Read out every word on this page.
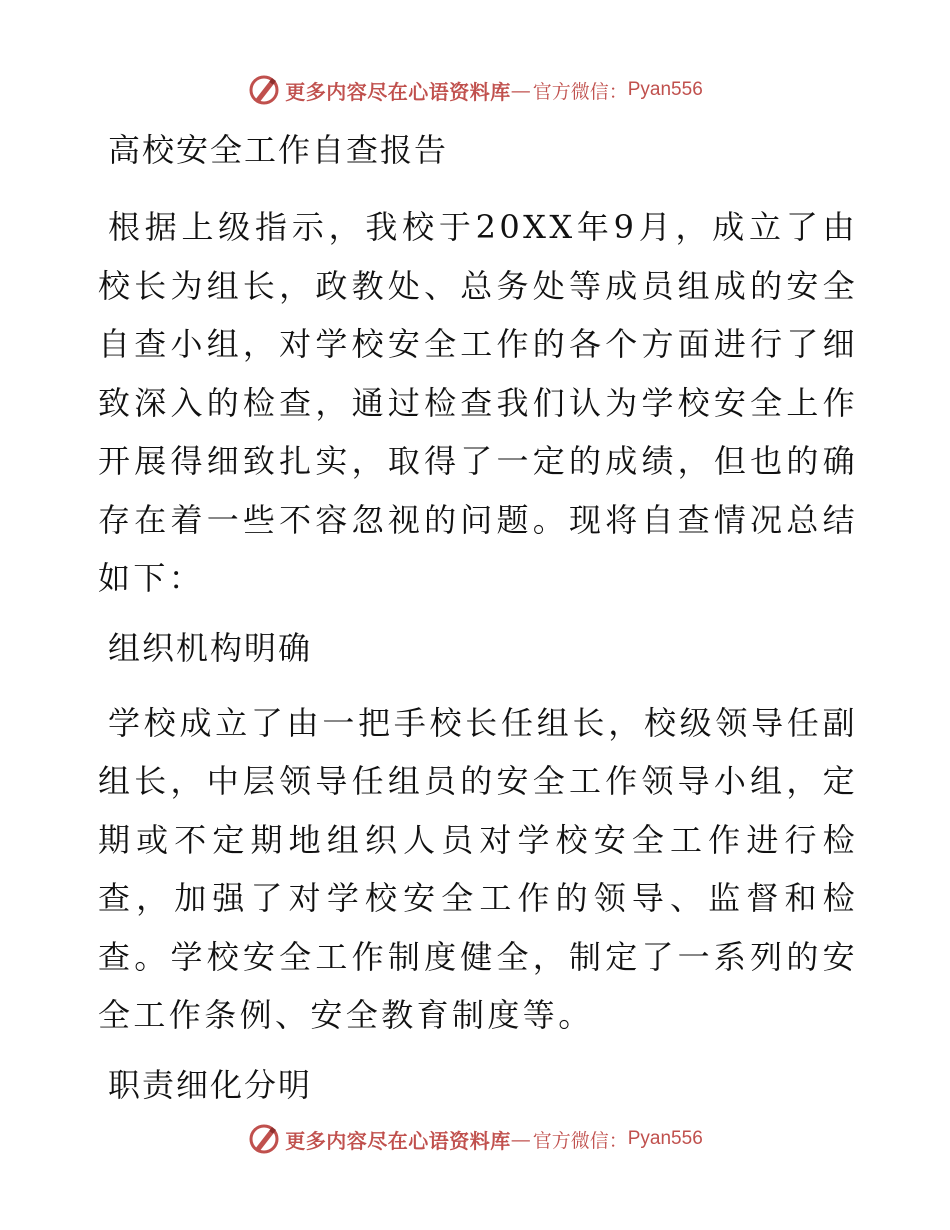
更多内容尽在心语资料库 — 官方微信： Pyan556
高校安全工作自查报告

根据上级指示，我校于20XX年9月，成立了由校长为组长，政教处、总务处等成员组成的安全自查小组，对学校安全工作的各个方面进行了细致深入的检查，通过检查我们认为学校安全上作开展得细致扎实，取得了一定的成绩，但也的确存在着一些不容忽视的问题。现将自查情况总结如下：

组织机构明确

学校成立了由一把手校长任组长，校级领导任副组长，中层领导任组员的安全工作领导小组，定期或不定期地组织人员对学校安全工作进行检查，加强了对学校安全工作的领导、监督和检查。学校安全工作制度健全，制定了一系列的安全工作条例、安全教育制度等。

职责细化分明
更多内容尽在心语资料库 — 官方微信： Pyan556
